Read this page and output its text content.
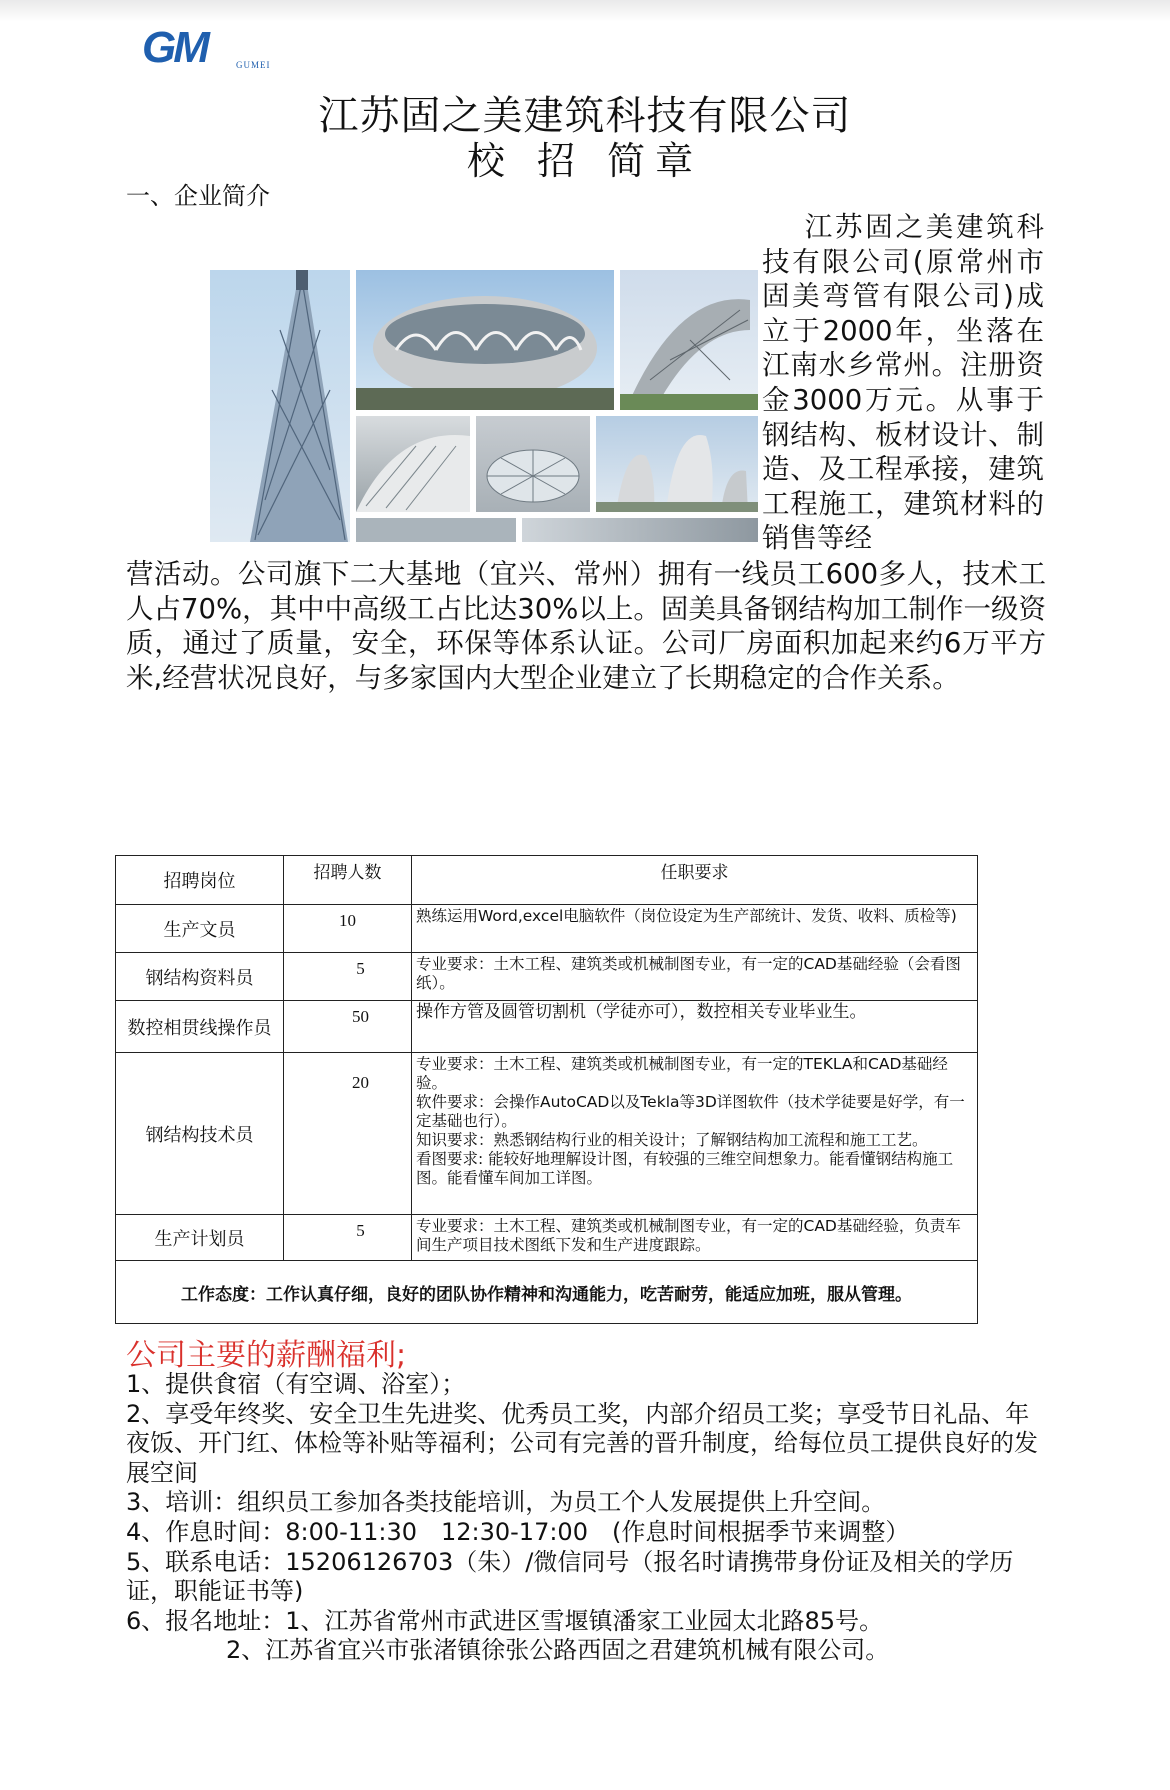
GM	GUMEI
江苏固之美建筑科技有限公司
校 招 简章
一、企业简介
江苏固之美建筑科技有限公司(原常州市固美弯管有限公司)成立于2000年，坐落在江南水乡常州。注册资金3000万元。从事于钢结构、板材设计、制造、及工程承接，建筑工程施工，建筑材料的销售等经
营活动。公司旗下二大基地（宜兴、常州）拥有一线员工600多人，技术工人占70%，其中中高级工占比达30%以上。固美具备钢结构加工制作一级资质，通过了质量，安全，环保等体系认证。公司厂房面积加起来约6万平方米,经营状况良好，与多家国内大型企业建立了长期稳定的合作关系。
招聘岗位	招聘人数	任职要求
生产文员	10	熟练运用Word,excel电脑软件（岗位设定为生产部统计、发货、收料、质检等)
钢结构资料员	5	专业要求：土木工程、建筑类或机械制图专业，有一定的CAD基础经验（会看图纸）。
数控相贯线操作员	50	操作方管及圆管切割机（学徒亦可），数控相关专业毕业生。
钢结构技术员	20	专业要求：土木工程、建筑类或机械制图专业，有一定的TEKLA和CAD基础经验。
软件要求：会操作AutoCAD以及Tekla等3D详图软件（技术学徒要是好学，有一定基础也行）。
知识要求：熟悉钢结构行业的相关设计；了解钢结构加工流程和施工工艺。
看图要求: 能较好地理解设计图，有较强的三维空间想象力。能看懂钢结构施工图。能看懂车间加工详图。

生产计划员	5	专业要求：土木工程、建筑类或机械制图专业，有一定的CAD基础经验，负责车间生产项目技术图纸下发和生产进度跟踪。
工作态度：工作认真仔细，良好的团队协作精神和沟通能力，吃苦耐劳，能适应加班，服从管理。		
公司主要的薪酬福利;

1、提供食宿（有空调、浴室）；

2、享受年终奖、安全卫生先进奖、优秀员工奖，内部介绍员工奖；享受节日礼品、年夜饭、开门红、体检等补贴等福利；公司有完善的晋升制度，给每位员工提供良好的发展空间

3、培训：组织员工参加各类技能培训，为员工个人发展提供上升空间。

4、作息时间：8:00-11:30　12:30-17:00　(作息时间根据季节来调整）

5、联系电话：15206126703（朱）/微信同号（报名时请携带身份证及相关的学历证，职能证书等)

6、报名地址：1、江苏省常州市武进区雪堰镇潘家工业园太北路85号。

2、江苏省宜兴市张渚镇徐张公路西固之君建筑机械有限公司。
